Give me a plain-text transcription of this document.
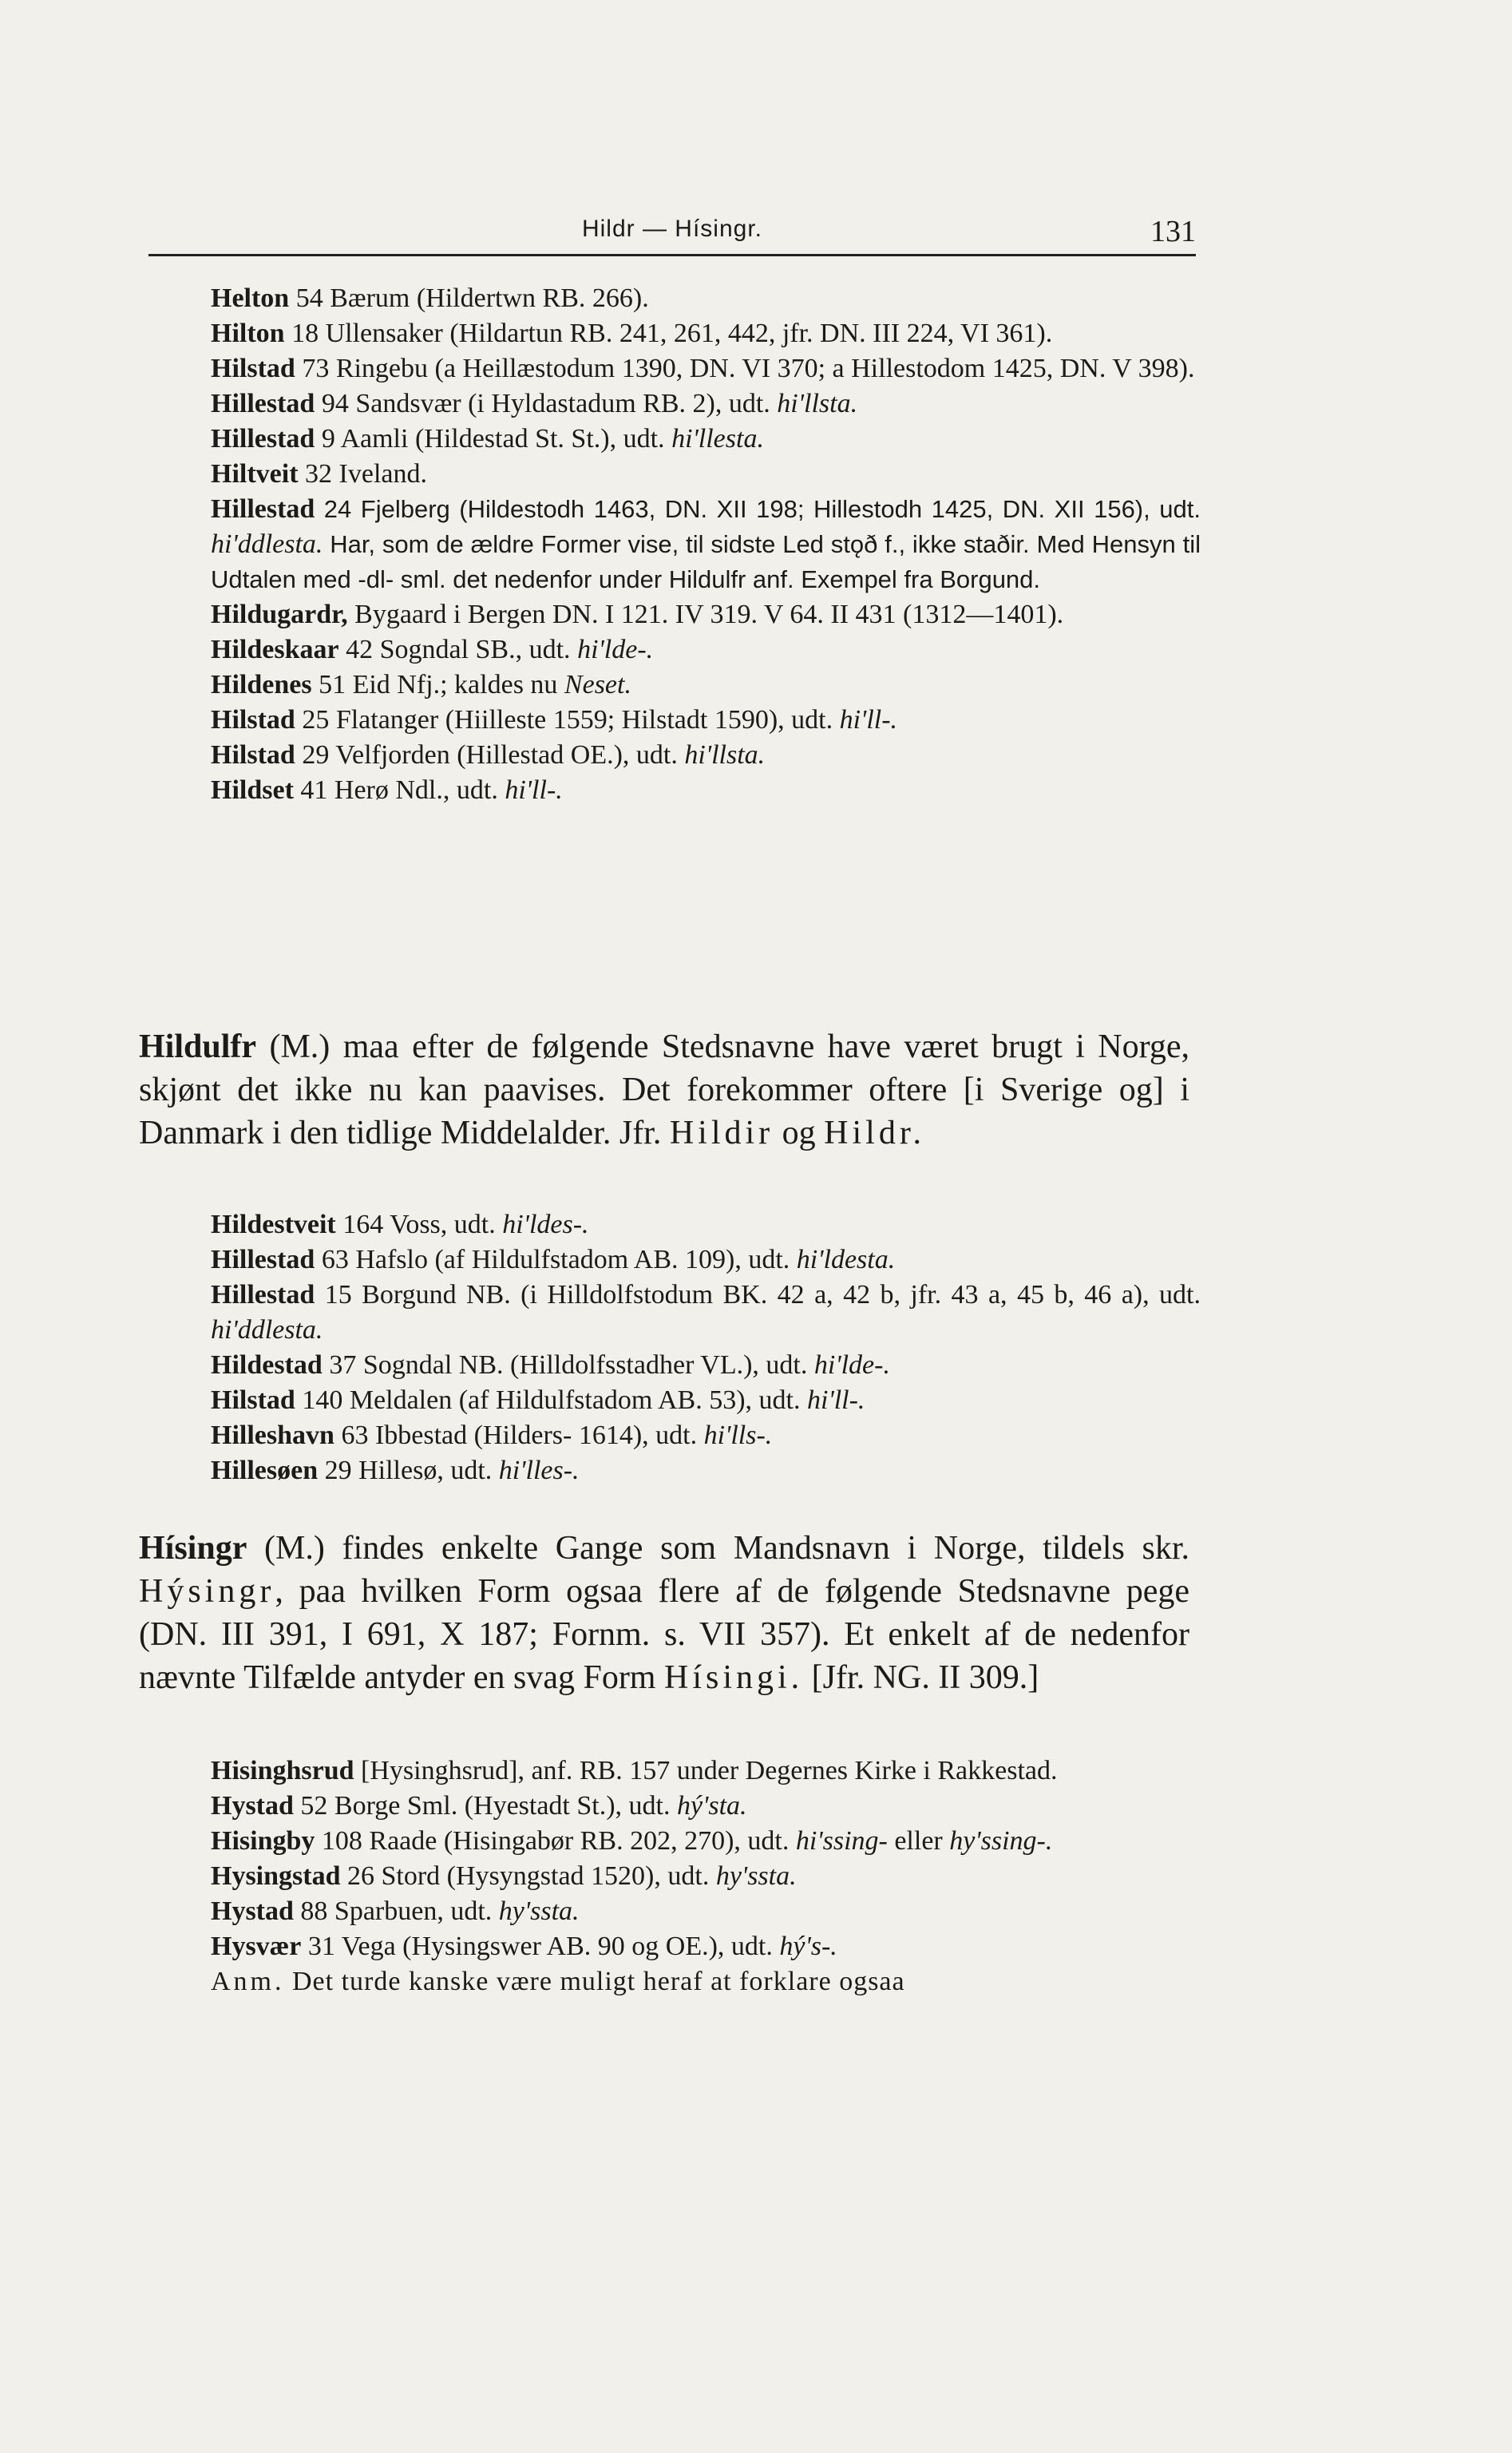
Hildr — Hísingr.	131

Helton 54 Bærum (Hildertwn RB. 266).

Hilton 18 Ullensaker (Hildartun RB. 241, 261, 442, jfr. DN. III 224, VI 361).

Hilstad 73 Ringebu (a Heillæstodum 1390, DN. VI 370; a Hillestodom 1425, DN. V 398).

Hillestad 94 Sandsvær (i Hyldastadum RB. 2), udt. hi'llsta.

Hillestad 9 Aamli (Hildestad St. St.), udt. hi'llesta.

Hiltveit 32 Iveland.

Hillestad 24 Fjelberg (Hildestodh 1463, DN. XII 198; Hillestodh 1425, DN. XII 156), udt. hi'ddlesta. Har, som de ældre Former vise, til sidste Led stǫð f., ikke staðir. Med Hensyn til Udtalen med -dl- sml. det nedenfor under Hildulfr anf. Exempel fra Borgund.

Hildugardr, Bygaard i Bergen DN. I 121. IV 319. V 64. II 431 (1312—1401).

Hildeskaar 42 Sogndal SB., udt. hi'lde-.

Hildenes 51 Eid Nfj.; kaldes nu Neset.

Hilstad 25 Flatanger (Hiilleste 1559; Hilstadt 1590), udt. hi'll-.

Hilstad 29 Velfjorden (Hillestad OE.), udt. hi'llsta.

Hildset 41 Herø Ndl., udt. hi'll-.

Hildulfr (M.) maa efter de følgende Stedsnavne have været brugt i Norge, skjønt det ikke nu kan paavises. Det forekommer oftere [i Sverige og] i Danmark i den tidlige Middelalder. Jfr. Hildir og Hildr.

Hildestveit 164 Voss, udt. hi'ldes-.

Hillestad 63 Hafslo (af Hildulfstadom AB. 109), udt. hi'ldesta.

Hillestad 15 Borgund NB. (i Hilldolfstodum BK. 42 a, 42 b, jfr. 43 a, 45 b, 46 a), udt. hi'ddlesta.

Hildestad 37 Sogndal NB. (Hilldolfsstadher VL.), udt. hi'lde-.

Hilstad 140 Meldalen (af Hildulfstadom AB. 53), udt. hi'll-.

Hilleshavn 63 Ibbestad (Hilders- 1614), udt. hi'lls-.

Hillesøen 29 Hillesø, udt. hi'lles-.

Hísingr (M.) findes enkelte Gange som Mandsnavn i Norge, tildels skr. Hýsingr, paa hvilken Form ogsaa flere af de følgende Stedsnavne pege (DN. III 391, I 691, X 187; Fornm. s. VII 357). Et enkelt af de nedenfor nævnte Tilfælde antyder en svag Form Hísingi. [Jfr. NG. II 309.]

Hisinghsrud [Hysinghsrud], anf. RB. 157 under Degernes Kirke i Rakkestad.

Hystad 52 Borge Sml. (Hyestadt St.), udt. hý'sta.

Hisingby 108 Raade (Hisingabør RB. 202, 270), udt. hi'ssing- eller hy'ssing-.

Hysingstad 26 Stord (Hysyngstad 1520), udt. hy'ssta.

Hystad 88 Sparbuen, udt. hy'ssta.

Hysvær 31 Vega (Hysingswer AB. 90 og OE.), udt. hý's-.

Anm. Det turde kanske være muligt heraf at forklare ogsaa
